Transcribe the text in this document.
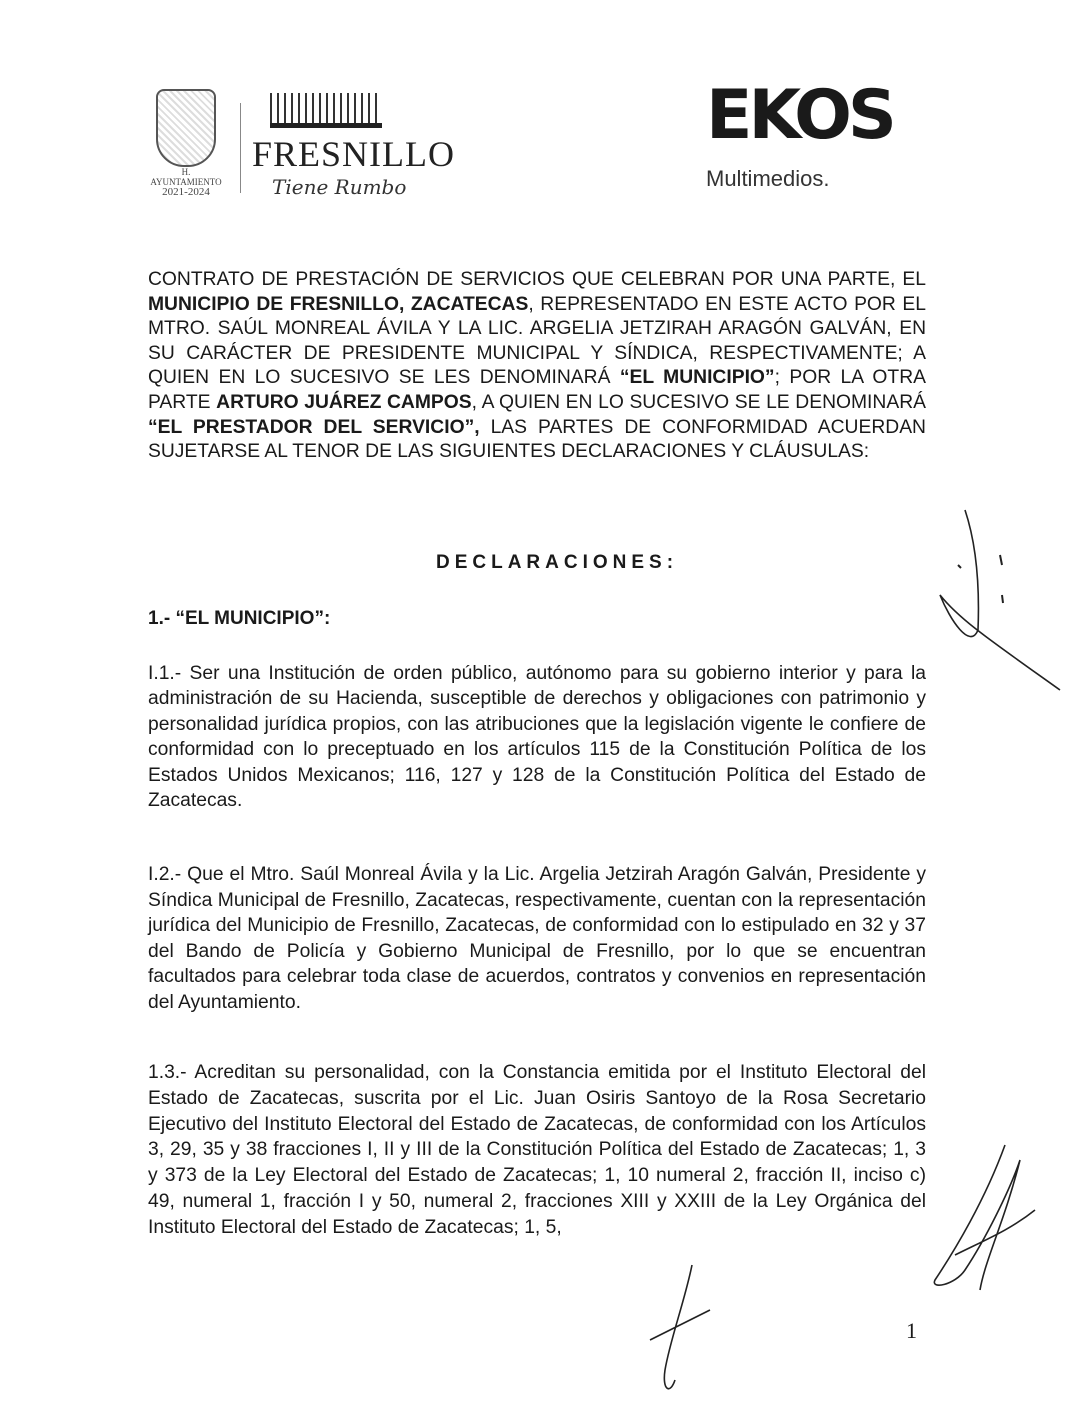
H. AYUNTAMIENTO
2021-2024
FRESNILLO
Tiene Rumbo
EKOS
Multimedios.
CONTRATO DE PRESTACIÓN DE SERVICIOS QUE CELEBRAN POR UNA PARTE, EL MUNICIPIO DE FRESNILLO, ZACATECAS, REPRESENTADO EN ESTE ACTO POR EL MTRO. SAÚL MONREAL ÁVILA Y LA LIC. ARGELIA JETZIRAH ARAGÓN GALVÁN, EN SU CARÁCTER DE PRESIDENTE MUNICIPAL Y SÍNDICA, RESPECTIVAMENTE; A QUIEN EN LO SUCESIVO SE LES DENOMINARÁ “EL MUNICIPIO”; POR LA OTRA PARTE ARTURO JUÁREZ CAMPOS, A QUIEN EN LO SUCESIVO SE LE DENOMINARÁ “EL PRESTADOR DEL SERVICIO”, LAS PARTES DE CONFORMIDAD ACUERDAN SUJETARSE AL TENOR DE LAS SIGUIENTES DECLARACIONES Y CLÁUSULAS:
DECLARACIONES:
1.- “EL MUNICIPIO”:
I.1.- Ser una Institución de orden público, autónomo para su gobierno interior y para la administración de su Hacienda, susceptible de derechos y obligaciones con patrimonio y personalidad jurídica propios, con las atribuciones que la legislación vigente le confiere de conformidad con lo preceptuado en los artículos 115 de la Constitución Política de los Estados Unidos Mexicanos; 116, 127 y 128 de la Constitución Política del Estado de Zacatecas.
I.2.- Que el Mtro. Saúl Monreal Ávila y la Lic. Argelia Jetzirah Aragón Galván, Presidente y Síndica Municipal de Fresnillo, Zacatecas, respectivamente, cuentan con la representación jurídica del Municipio de Fresnillo, Zacatecas, de conformidad con lo estipulado en 32 y 37 del Bando de Policía y Gobierno Municipal de Fresnillo, por lo que se encuentran facultados para celebrar toda clase de acuerdos, contratos y convenios en representación del Ayuntamiento.
1.3.- Acreditan su personalidad, con la Constancia emitida por el Instituto Electoral del Estado de Zacatecas, suscrita por el Lic. Juan Osiris Santoyo de la Rosa Secretario Ejecutivo del Instituto Electoral del Estado de Zacatecas, de conformidad con los Artículos 3, 29, 35 y 38 fracciones I, II y III de la Constitución Política del Estado de Zacatecas; 1, 3 y 373 de la Ley Electoral del Estado de Zacatecas; 1, 10 numeral 2, fracción II, inciso c) 49, numeral 1, fracción I y 50, numeral 2, fracciones XIII y XXIII de la Ley Orgánica del Instituto Electoral del Estado de Zacatecas; 1, 5,
1
